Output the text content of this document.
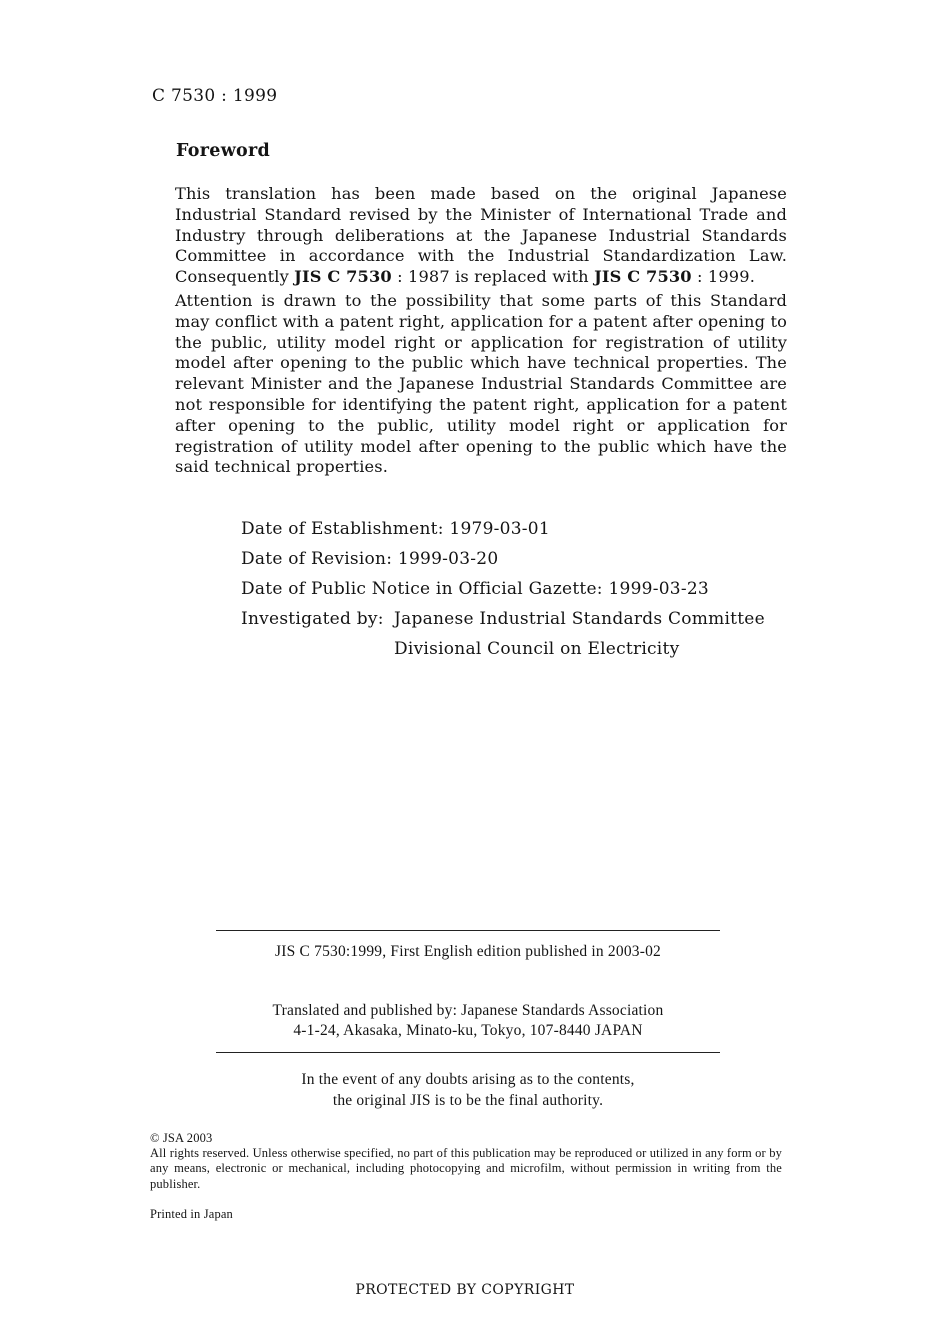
C 7530 : 1999
Foreword

This translation has been made based on the original Japanese Industrial Standard revised by the Minister of International Trade and Industry through deliberations at the Japanese Industrial Standards Committee in accordance with the Industrial Standardization Law. Consequently JIS C 7530 : 1987 is replaced with JIS C 7530 : 1999.

Attention is drawn to the possibility that some parts of this Standard may conflict with a patent right, application for a patent after opening to the public, utility model right or application for registration of utility model after opening to the public which have technical properties. The relevant Minister and the Japanese Industrial Standards Committee are not responsible for identifying the patent right, application for a patent after opening to the public, utility model right or application for registration of utility model after opening to the public which have the said technical properties.

Date of Establishment: 1979-03-01
Date of Revision: 1999-03-20
Date of Public Notice in Official Gazette: 1999-03-23
Investigated by: Japanese Industrial Standards Committee
Divisional Council on Electricity
JIS C 7530:1999, First English edition published in 2003-02
Translated and published by: Japanese Standards Association
4-1-24, Akasaka, Minato-ku, Tokyo, 107-8440 JAPAN
In the event of any doubts arising as to the contents,
the original JIS is to be the final authority.
© JSA 2003
All rights reserved. Unless otherwise specified, no part of this publication may be reproduced or utilized in any form or by any means, electronic or mechanical, including photocopying and microfilm, without permission in writing from the publisher.
Printed in Japan
PROTECTED BY COPYRIGHT
